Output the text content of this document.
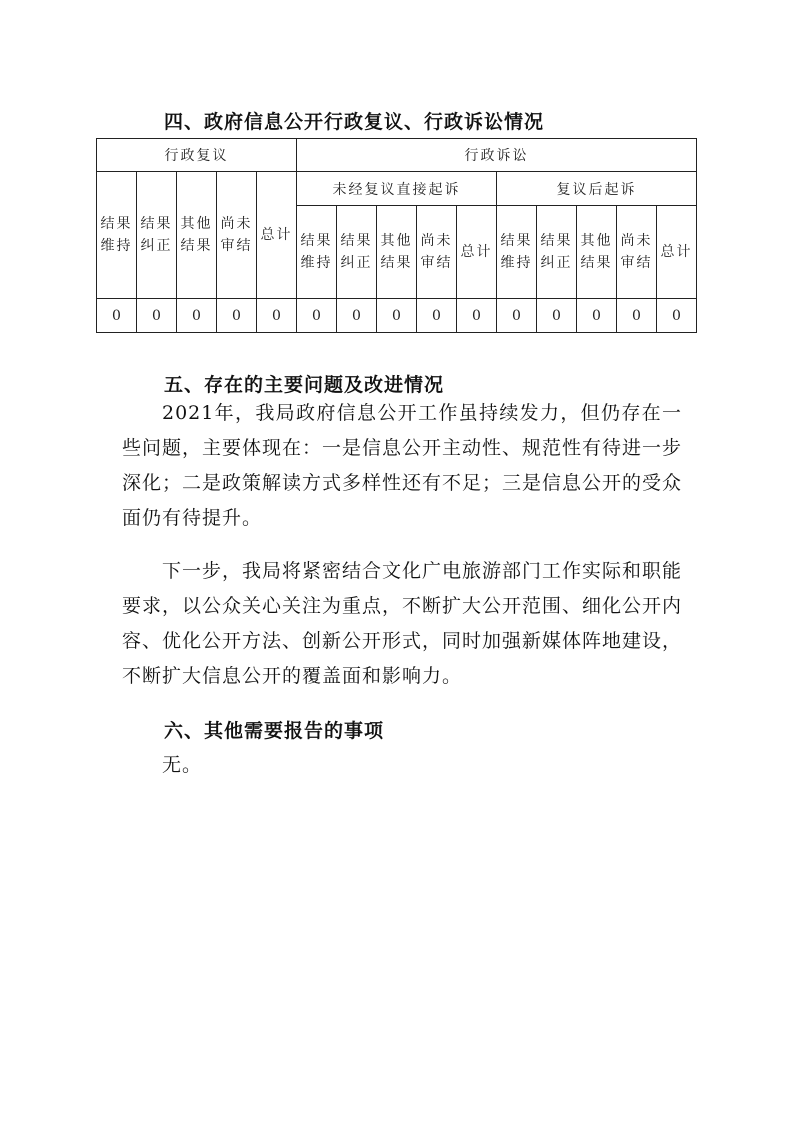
四、政府信息公开行政复议、行政诉讼情况
行政复议					行政诉讼									
结果维持	结果纠正	其他结果	尚未审结	总计	未经复议直接起诉					复议后起诉				
					结果维持	结果纠正	其他结果	尚未审结	总计	结果维持	结果纠正	其他结果	尚未审结	总计
0	0	0	0	0	0	0	0	0	0	0	0	0	0	0
五、存在的主要问题及改进情况
2021年，我局政府信息公开工作虽持续发力，但仍存在一些问题，主要体现在：一是信息公开主动性、规范性有待进一步深化；二是政策解读方式多样性还有不足；三是信息公开的受众面仍有待提升。
下一步，我局将紧密结合文化广电旅游部门工作实际和职能要求，以公众关心关注为重点，不断扩大公开范围、细化公开内容、优化公开方法、创新公开形式，同时加强新媒体阵地建设，不断扩大信息公开的覆盖面和影响力。
六、其他需要报告的事项
无。
